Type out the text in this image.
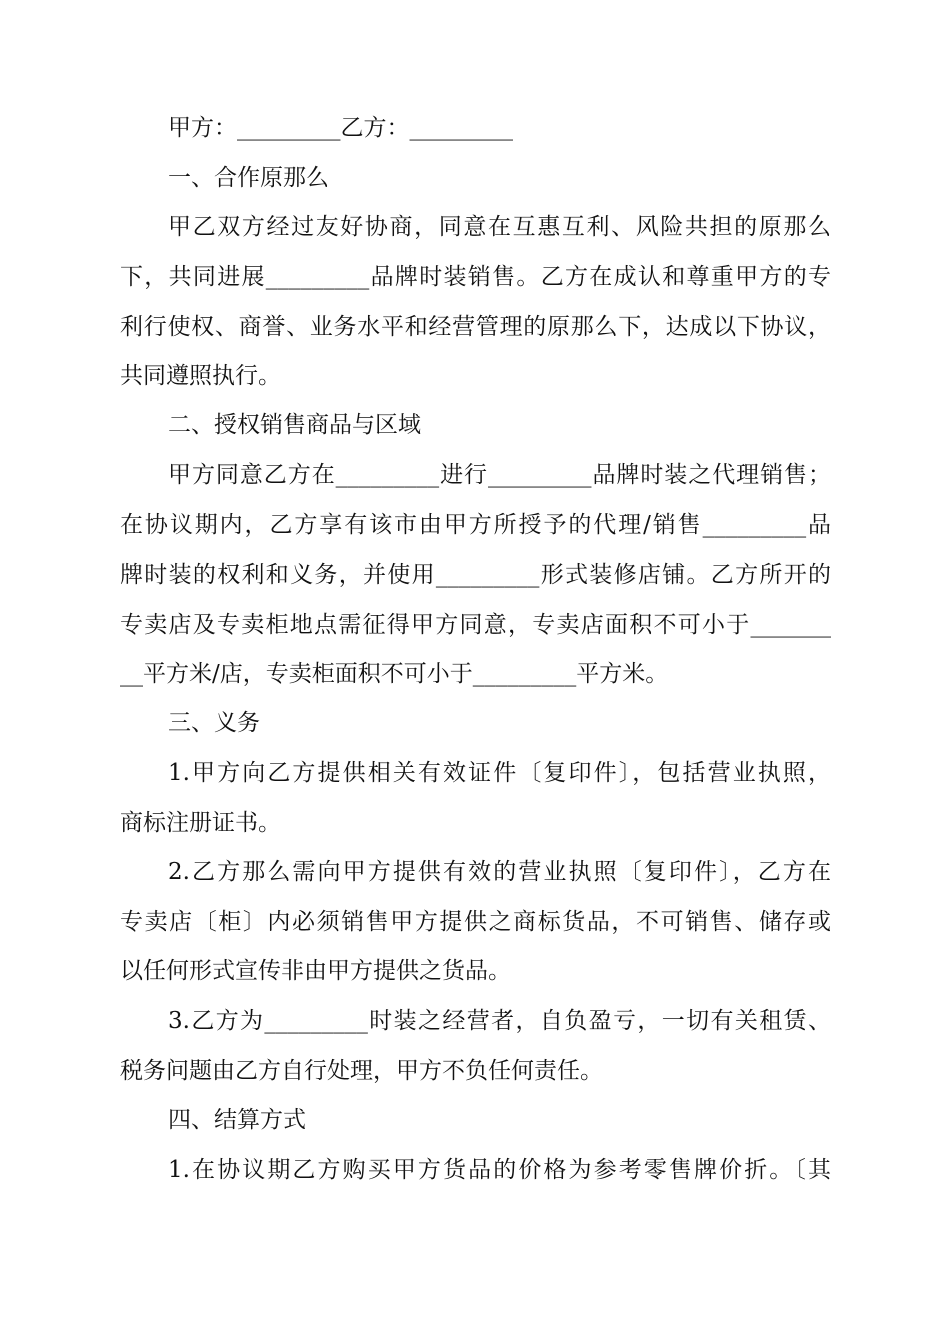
甲方：_________乙方：_________
一、合作原那么
甲乙双方经过友好协商，同意在互惠互利、风险共担的原那么
下，共同进展_________品牌时装销售。乙方在成认和尊重甲方的专
利行使权、商誉、业务水平和经营管理的原那么下，达成以下协议，
共同遵照执行。
二、授权销售商品与区域
甲方同意乙方在_________进行_________品牌时装之代理销售；
在协议期内，乙方享有该市由甲方所授予的代理/销售_________品
牌时装的权利和义务，并使用_________形式装修店铺。乙方所开的
专卖店及专卖柜地点需征得甲方同意，专卖店面积不可小于_______
__平方米/店，专卖柜面积不可小于_________平方米。
三、义务
1.甲方向乙方提供相关有效证件〔复印件〕，包括营业执照，
商标注册证书。
2.乙方那么需向甲方提供有效的营业执照〔复印件〕，乙方在
专卖店〔柜〕内必须销售甲方提供之商标货品，不可销售、储存或
以任何形式宣传非由甲方提供之货品。
3.乙方为_________时装之经营者，自负盈亏，一切有关租赁、
税务问题由乙方自行处理，甲方不负任何责任。
四、结算方式
1.在协议期乙方购买甲方货品的价格为参考零售牌价折。〔其
